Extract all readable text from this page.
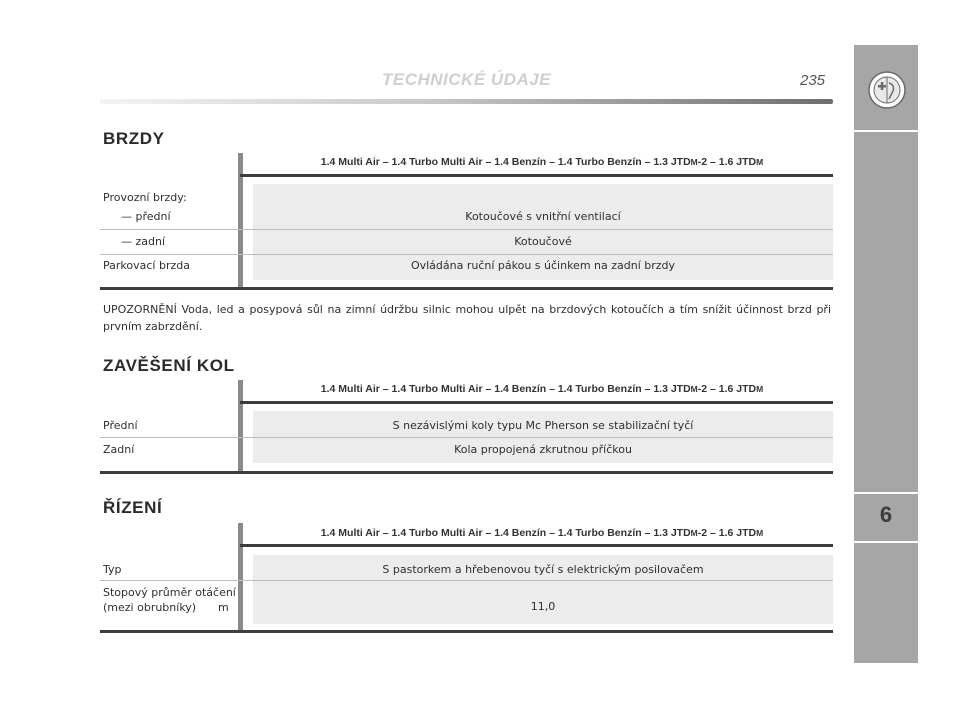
TECHNICKÉ ÚDAJE	235
6
BRZDY
1.4 Multi Air – 1.4 Turbo Multi Air – 1.4 Benzín – 1.4 Turbo Benzín – 1.3 JTDM-2 – 1.6 JTDM
Provozní brzdy:
— přední	Kotoučové s vnitřní ventilací
— zadní	Kotoučové
Parkovací brzda	Ovládána ruční pákou s účinkem na zadní brzdy
UPOZORNĚNÍ Voda, led a posypová sůl na zimní údržbu silnic mohou ulpět na brzdových kotoučích a tím snížit účinnost brzd při prvním zabrzdění.
ZAVĚŠENÍ KOL
1.4 Multi Air – 1.4 Turbo Multi Air – 1.4 Benzín – 1.4 Turbo Benzín – 1.3 JTDM-2 – 1.6 JTDM
Přední	S nezávislými koly typu Mc Pherson se stabilizační tyčí
Zadní	Kola propojená zkrutnou příčkou
ŘÍZENÍ
1.4 Multi Air – 1.4 Turbo Multi Air – 1.4 Benzín – 1.4 Turbo Benzín – 1.3 JTDM-2 – 1.6 JTDM
Typ	S pastorkem a hřebenovou tyčí s elektrickým posilovačem
Stopový průměr otáčení
(mezi obrubníky) m	11,0
